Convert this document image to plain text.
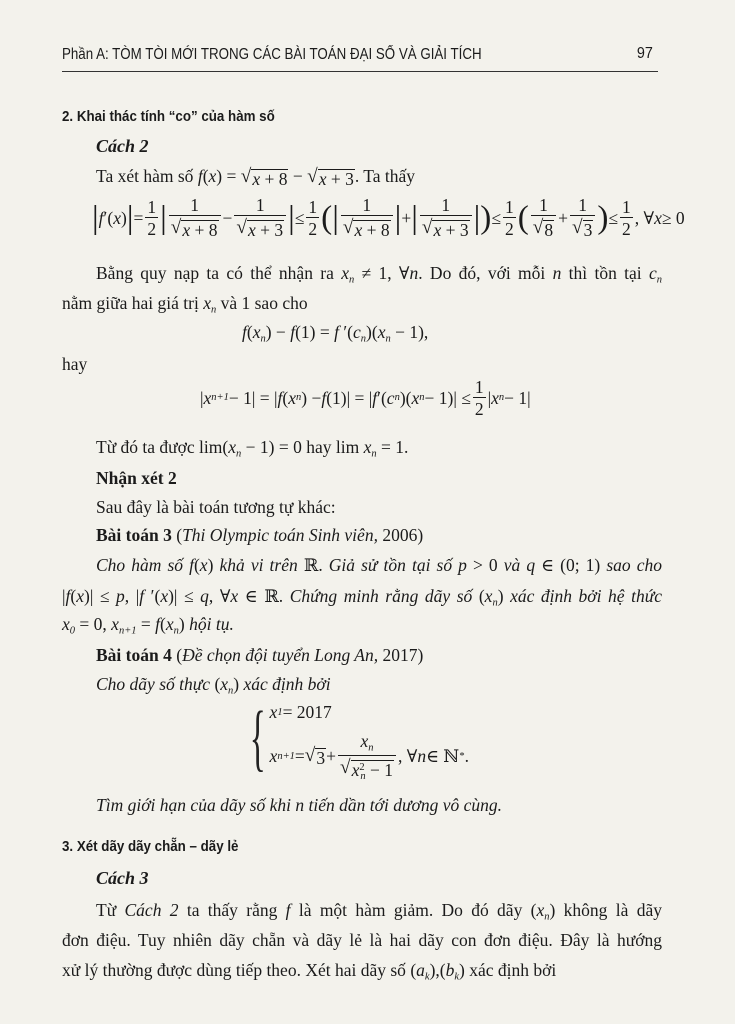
Phần A: TÒM TÒI MỚI TRONG CÁC BÀI TOÁN ĐẠI SỐ VÀ GIẢI TÍCH	97
2. Khai thác tính “co” của hàm số
Cách 2
Ta xét hàm số f(x) = √ x + 8 − √ x + 3 . Ta thấy
| f ′( x ) | = $\frac{1}{2}$ | $\frac{1}{√ x + 8} - \frac{1}{√ x + 3}$ | ≤ $\frac{1}{2}$ ( | $\frac{1}{√ x + 8}$ | + | $\frac{1}{√ x + 3}$ | ) ≤ $\frac{1}{2}$ ( $\frac{1}{√ 8} + \frac{1}{√ 3}$ ) ≤ $\frac{1}{2}$ , ∀ x ≥ 0
Bằng quy nạp ta có thể nhận ra $x_n \ne 1$, ∀n. Do đó, với mỗi n thì tồn tại $c_n$
nằm giữa hai giá trị $x_n$ và 1 sao cho
$f(x_n) - f(1) = f$ $'(c_n)(x_n - 1)$,
hay
| x n+1 − 1| = | f ( x n ) − f (1)| = | f ′( c n )( x $n - 1)| \le \frac{1}{2}$ | x n − 1|
Từ đó ta được $\lim(x_n - 1) = 0$ hay $\lim x_n = 1$.
Nhận xét 2
Sau đây là bài toán tương tự khác:
Bài toán 3 (Thi Olympic toán Sinh viên, 2006)
Cho hàm số f(x) khả vi trên ℝ. Giả sử tồn tại số p > 0 và q ∈ (0; 1) sao cho
|f(x)| ≤ p, |f ′(x)| ≤ q, ∀x ∈ ℝ. Chứng minh rằng dãy số $(x_n)$ xác định bởi hệ thức
$x_0 = 0$, $x_{n+1} = f(x_n)$ hội tụ.
Bài toán 4 (Đề chọn đội tuyển Long An, 2017)
Cho dãy số thực $(x_n)$ xác định bởi
{ x 1 = 2017
x n+1 = √ $3 + \frac{x_n}{√ x^2_n - 1}$ , ∀ n ∈ ℕ * .
Tìm giới hạn của dãy số khi n tiến dần tới dương vô cùng.
3. Xét dãy dãy chẵn – dãy lẻ
Cách 3
Từ Cách 2 ta thấy rằng f là một hàm giảm. Do đó dãy $(x_n)$ không là dãy
đơn điệu. Tuy nhiên dãy chẵn và dãy lẻ là hai dãy con đơn điệu. Đây là hướng
xử lý thường được dùng tiếp theo. Xét hai dãy số $(a_k),(b_k)$ xác định bởi
